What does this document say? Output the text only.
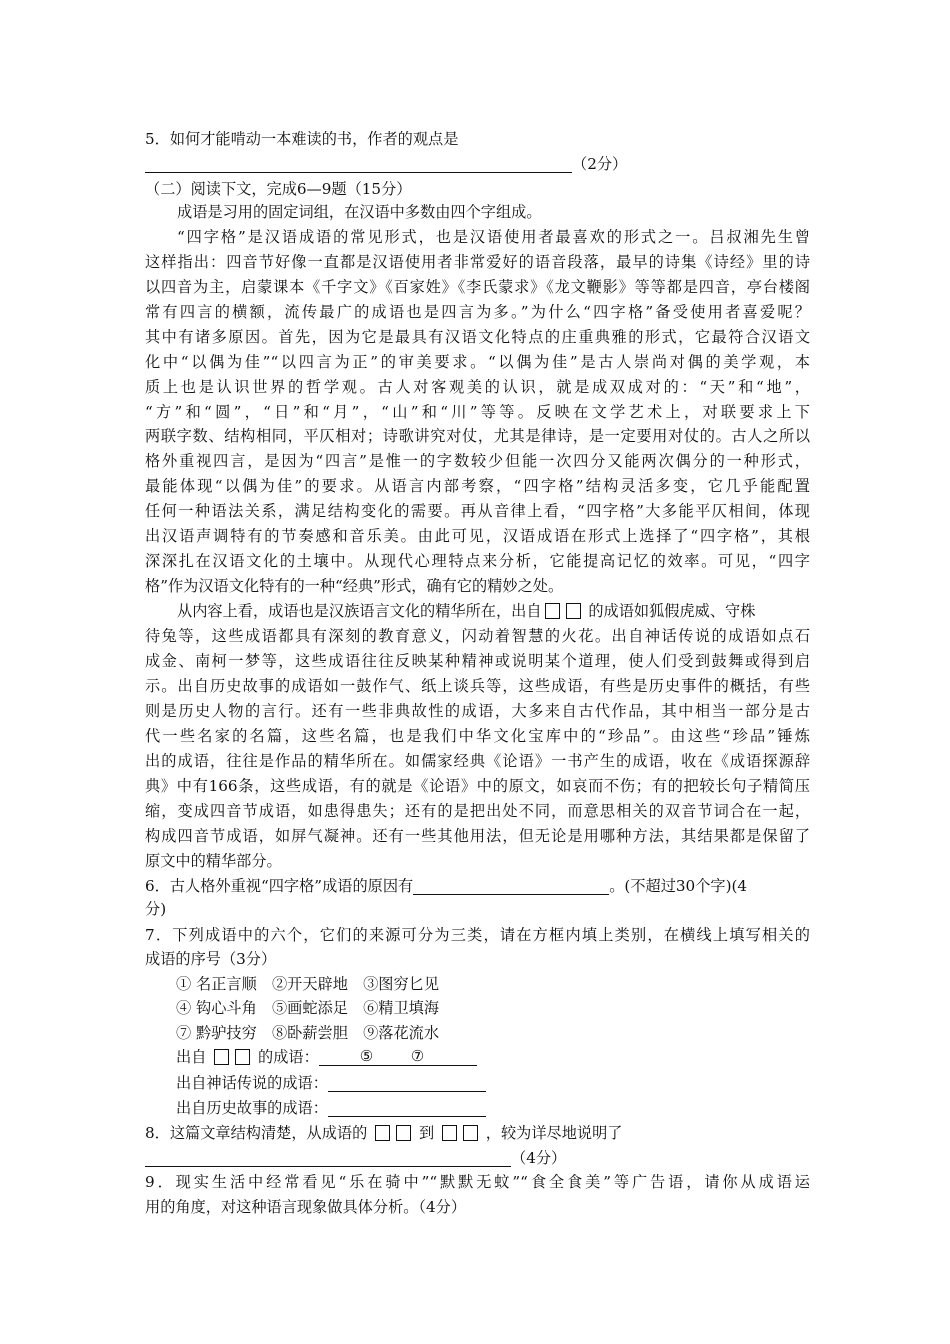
5．如何才能啃动一本难读的书，作者的观点是
（2分）
（二）阅读下文，完成6—9题（15分）
成语是习用的固定词组，在汉语中多数由四个字组成。
“四字格”是汉语成语的常见形式，也是汉语使用者最喜欢的形式之一。吕叔湘先生曾
这样指出：四音节好像一直都是汉语使用者非常爱好的语音段落，最早的诗集《诗经》里的诗
以四音为主，启蒙课本《千字文》《百家姓》《李氏蒙求》《龙文鞭影》等等都是四音，亭台楼阁
常有四言的横额，流传最广的成语也是四言为多。”为什么“四字格”备受使用者喜爱呢？
其中有诸多原因。首先，因为它是最具有汉语文化特点的庄重典雅的形式，它最符合汉语文
化中“以偶为佳”“以四言为正”的审美要求。“以偶为佳”是古人崇尚对偶的美学观，本
质上也是认识世界的哲学观。古人对客观美的认识，就是成双成对的：“天”和“地”，
“方”和“圆”，“日”和“月”，“山”和“川”等等。反映在文学艺术上，对联要求上下
两联字数、结构相同，平仄相对；诗歌讲究对仗，尤其是律诗，是一定要用对仗的。古人之所以
格外重视四言，是因为“四言”是惟一的字数较少但能一次四分又能两次偶分的一种形式，
最能体现“以偶为佳”的要求。从语言内部考察，“四字格”结构灵活多变，它几乎能配置
任何一种语法关系，满足结构变化的需要。再从音律上看，“四字格”大多能平仄相间，体现
出汉语声调特有的节奏感和音乐美。由此可见，汉语成语在形式上选择了“四字格”，其根
深深扎在汉语文化的土壤中。从现代心理特点来分析，它能提高记忆的效率。可见，“四字
格”作为汉语文化特有的一种“经典”形式，确有它的精妙之处。
从内容上看，成语也是汉族语言文化的精华所在，出自	的成语如狐假虎威、守株
待兔等，这些成语都具有深刻的教育意义，闪动着智慧的火花。出自神话传说的成语如点石
成金、南柯一梦等，这些成语往往反映某种精神或说明某个道理，使人们受到鼓舞或得到启
示。出自历史故事的成语如一鼓作气、纸上谈兵等，这些成语，有些是历史事件的概括，有些
则是历史人物的言行。还有一些非典故性的成语，大多来自古代作品，其中相当一部分是古
代一些名家的名篇，这些名篇，也是我们中华文化宝库中的“珍品”。由这些“珍品”锤炼
出的成语，往往是作品的精华所在。如儒家经典《论语》一书产生的成语，收在《成语探源辞
典》中有166条，这些成语，有的就是《论语》中的原文，如哀而不伤；有的把较长句子精简压
缩，变成四音节成语，如患得患失；还有的是把出处不同，而意思相关的双音节词合在一起，
构成四音节成语，如屏气凝神。还有一些其他用法，但无论是用哪种方法，其结果都是保留了
原文中的精华部分。
6．古人格外重视“四字格”成语的原因有	。(不超过30个字)(4
分)
7．下列成语中的六个，它们的来源可分为三类，请在方框内填上类别，在横线上填写相关的
成语的序号（3分）
① 名正言顺　②开天辟地　③图穷匕见
④ 钩心斗角　⑤画蛇添足　⑥精卫填海
⑦ 黔驴技穷　⑧卧薪尝胆　⑨落花流水
出自	的成语：	⑤ ⑦
出自神话传说的成语：
出自历史故事的成语：
8．这篇文章结构清楚，从成语的	到	，较为详尽地说明了
（4分）
9．现实生活中经常看见“乐在骑中”“默默无蚊”“食全食美”等广告语，请你从成语运
用的角度，对这种语言现象做具体分析。（4分）
